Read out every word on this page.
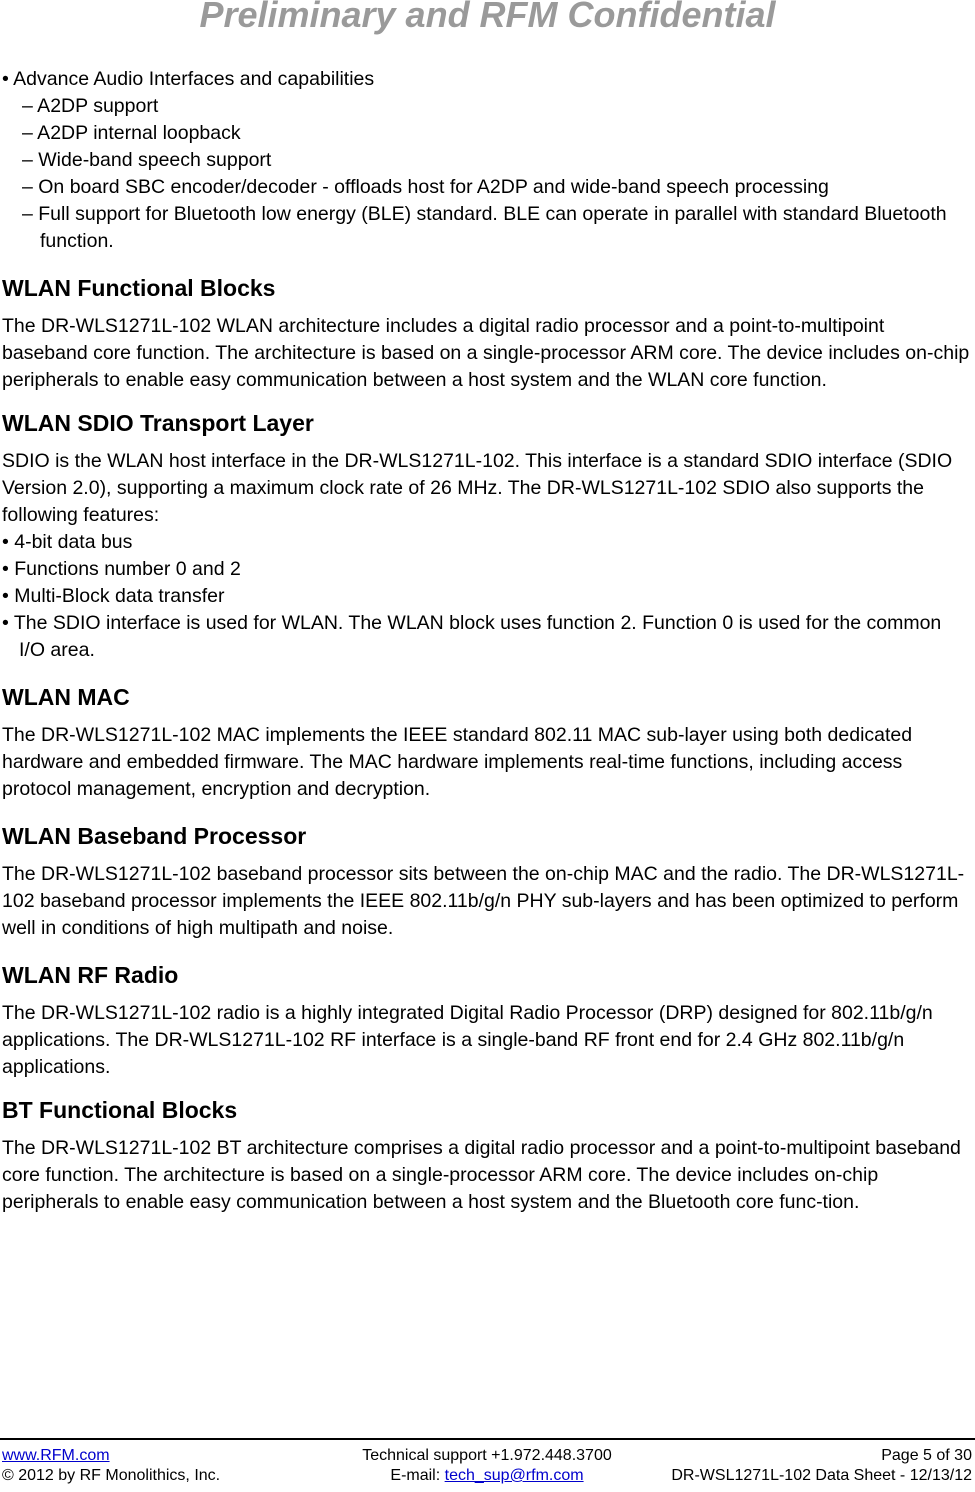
Preliminary and RFM Confidential

• Advance Audio Interfaces and capabilities

– A2DP support
– A2DP internal loopback
– Wide-band speech support
– On board SBC encoder/decoder - offloads host for A2DP and wide-band speech processing
– Full support for Bluetooth low energy (BLE) standard. BLE can operate in parallel with standard Bluetooth function.
WLAN Functional Blocks

The DR-WLS1271L-102 WLAN architecture includes a digital radio processor and a point-to-multipoint baseband core function. The architecture is based on a single-processor ARM core. The device includes on-chip peripherals to enable easy communication between a host system and the WLAN core function.

WLAN SDIO Transport Layer

SDIO is the WLAN host interface in the DR-WLS1271L-102. This interface is a standard SDIO interface (SDIO Version 2.0), supporting a maximum clock rate of 26 MHz. The DR-WLS1271L-102 SDIO also supports the following features:

• 4-bit data bus
• Functions number 0 and 2
• Multi-Block data transfer
• The SDIO interface is used for WLAN. The WLAN block uses function 2. Function 0 is used for the common I/O area.
WLAN MAC

The DR-WLS1271L-102 MAC implements the IEEE standard 802.11 MAC sub-layer using both dedicated hardware and embedded firmware. The MAC hardware implements real-time functions, including access protocol management, encryption and decryption.

WLAN Baseband Processor

The DR-WLS1271L-102 baseband processor sits between the on-chip MAC and the radio. The DR-WLS1271L-102 baseband processor implements the IEEE 802.11b/g/n PHY sub-layers and has been optimized to perform well in conditions of high multipath and noise.

WLAN RF Radio

The DR-WLS1271L-102 radio is a highly integrated Digital Radio Processor (DRP) designed for 802.11b/g/n applications. The DR-WLS1271L-102 RF interface is a single-band RF front end for 2.4 GHz 802.11b/g/n applications.

BT Functional Blocks

The DR-WLS1271L-102 BT architecture comprises a digital radio processor and a point-to-multipoint baseband core function. The architecture is based on a single-processor ARM core. The device includes on-chip peripherals to enable easy communication between a host system and the Bluetooth core func-tion.

www.RFM.com	Technical support +1.972.448.3700	Page 5 of 30
© 2012 by RF Monolithics, Inc.	E-mail: tech_sup@rfm.com	DR-WSL1271L-102 Data Sheet - 12/13/12
